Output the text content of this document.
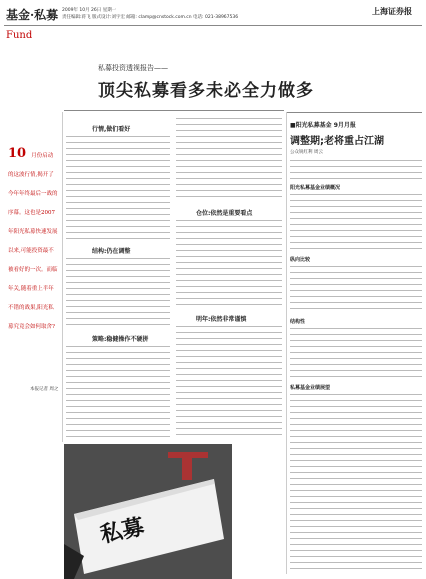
基金·私募
Fund
2009年 10月 26日 星期一
责任编辑:蒋飞 版式设计:刘宇宏 邮箱: clamp@cnstock.com.cn 电话: 021-38967536
上海证券报
10 月份启动的这波行情,揭开了今年年终最后一战的序幕。这也是2007年阳光私募快速发展以来,可能投资最不被看好的一次。而临年关,随着重上半年不错的战果,阳光私募究竟会如何取舍?
本报记者 周之
私募投资透视报告——
顶尖私募看多未必全力做多
行情,做们看好
结构:仍在调整
策略:稳健操作不硬拼
仓位:依然是重要看点
明年:依然非常谨慎
私募
■阳光私募基金 9月月报
调整期;老将重占江湖
公众锐红利 周云
阳光私募基金业绩概况
纵向比较
结构性
私募基金业绩展望
